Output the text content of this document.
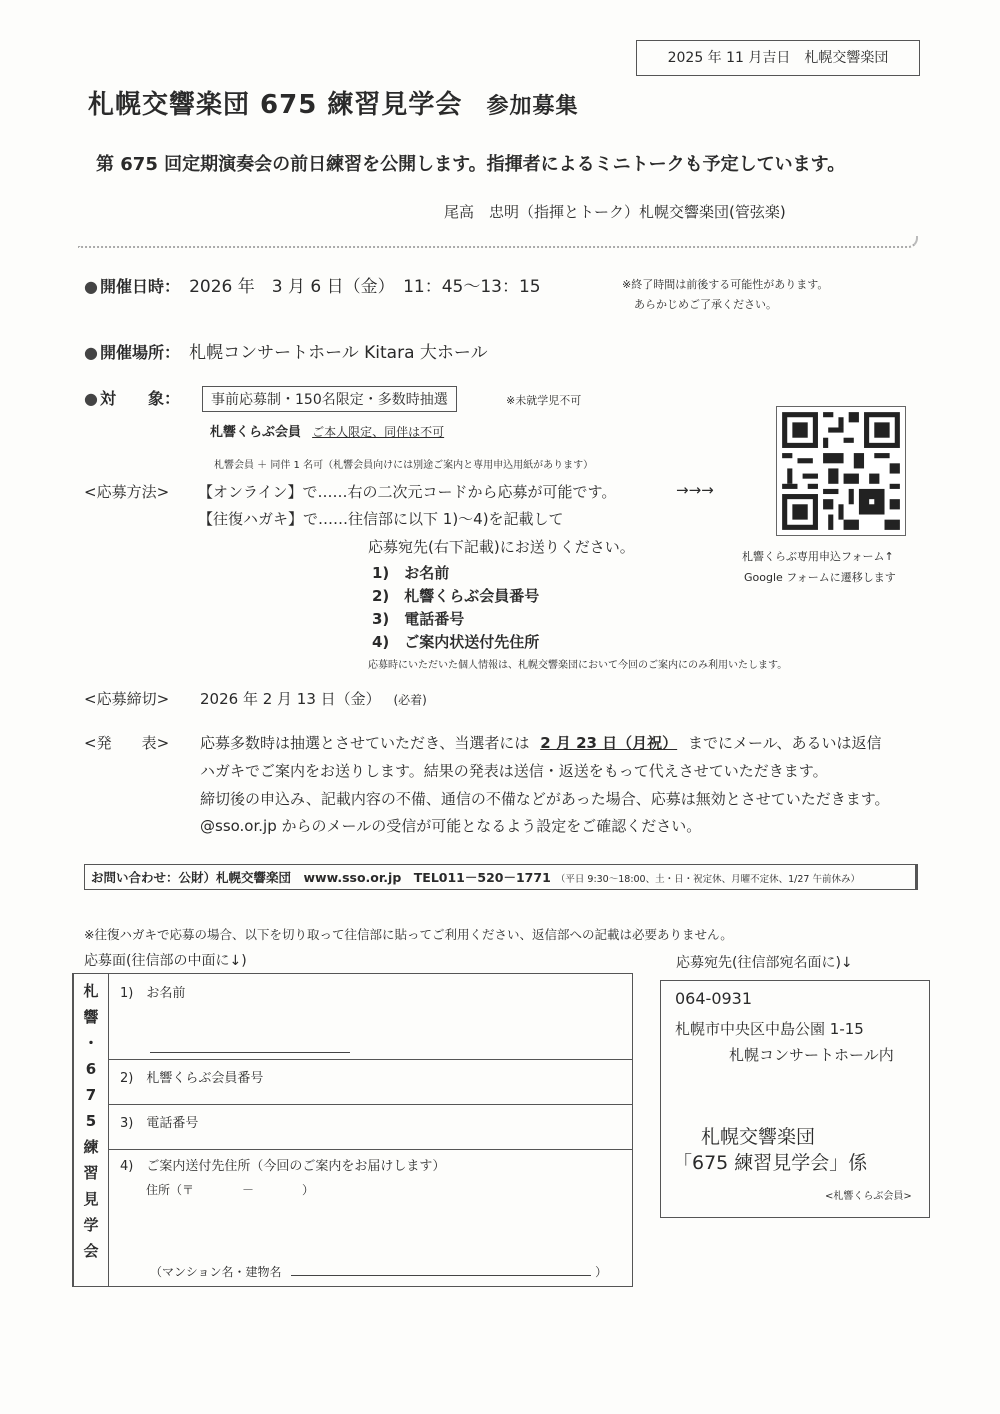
2025 年 11 月吉日　札幌交響楽団
札幌交響楽団 675 練習見学会 参加募集
第 675 回定期演奏会の前日練習を公開します。指揮者によるミニトークも予定しています。
尾高　忠明（指揮とトーク）札幌交響楽団(管弦楽)
● 開催日時： 2026 年　3 月 6 日（金）　11：45～13：15	※終了時間は前後する可能性があります。
あらかじめご了承ください。
● 開催場所： 札幌コンサートホール Kitara 大ホール
● 対　　象：	事前応募制・150名限定・多数時抽選	※未就学児不可
札響くらぶ会員 ご本人限定、同伴は不可
札響会員 ＋ 同伴 1 名可（札響会員向けには別途ご案内と専用申込用紙があります）
<応募方法> 【オンライン】で……右の二次元コードから応募が可能です。	→→→
【往復ハガキ】で……往信部に以下 1)～4)を記載して
応募宛先(右下記載)にお送りください。
1)　お名前
2)　札響くらぶ会員番号
3)　電話番号
4)　ご案内状送付先住所
応募時にいただいた個人情報は、札幌交響楽団において今回のご案内にのみ利用いたします。
札響くらぶ専用申込フォーム↑
Google フォームに遷移します
<応募締切> 2026 年 2 月 13 日（金） (必着)
<発　　表> 応募多数時は抽選とさせていただき、当選者には 2 月 23 日（月祝） までにメール、あるいは返信
ハガキでご案内をお送りします。結果の発表は送信・返送をもって代えさせていただきます。
締切後の申込み、記載内容の不備、通信の不備などがあった場合、応募は無効とさせていただきます。
@sso.or.jp からのメールの受信が可能となるよう設定をご確認ください。
お問い合わせ：公財）札幌交響楽団　www.sso.or.jp　TEL011－520－1771 （平日 9:30～18:00、土・日・祝定休、月曜不定休、1/27 午前休み）
※往復ハガキで応募の場合、以下を切り取って往信部に貼ってご利用ください、返信部への記載は必要ありません。
応募面(往信部の中面に↓)
札
響
・
6
7
5
練
習
見
学
会
1)　お名前
2)　札響くらぶ会員番号
3)　電話番号
4)　ご案内送付先住所（今回のご案内をお届けします）
住所（〒　　　　－　　　　）
（マンション名・建物名	）
応募宛先(往信部宛名面に)↓
064-0931
札幌市中央区中島公園 1-15
札幌コンサートホール内
札幌交響楽団
「675 練習見学会」係
<札響くらぶ会員>
